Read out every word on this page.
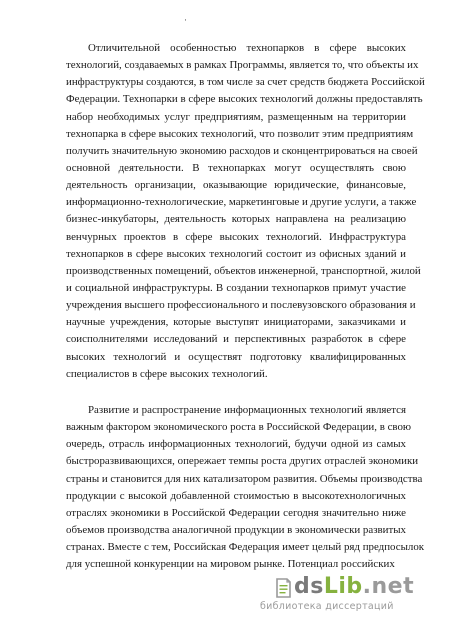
·
Отличительной особенностью технопарков в сфере высоких
технологий, создаваемых в рамках Программы, является то, что объекты их
инфраструктуры создаются, в том числе за счет средств бюджета Российской
Федерации. Технопарки в сфере высоких технологий должны предоставлять
набор необходимых услуг предприятиям, размещенным на территории
технопарка в сфере высоких технологий, что позволит этим предприятиям
получить значительную экономию расходов и сконцентрироваться на своей
основной деятельности. В технопарках могут осуществлять свою
деятельность организации, оказывающие юридические, финансовые,
информационно-технологические, маркетинговые и другие услуги, а также
бизнес-инкубаторы, деятельность которых направлена на реализацию
венчурных проектов в сфере высоких технологий. Инфраструктура
технопарков в сфере высоких технологий состоит из офисных зданий и
производственных помещений, объектов инженерной, транспортной, жилой
и социальной инфраструктуры. В создании технопарков примут участие
учреждения высшего профессионального и послевузовского образования и
научные учреждения, которые выступят инициаторами, заказчиками и
соисполнителями исследований и перспективных разработок в сфере
высоких технологий и осуществят подготовку квалифицированных
специалистов в сфере высоких технологий.
Развитие и распространение информационных технологий является
важным фактором экономического роста в Российской Федерации, в свою
очередь, отрасль информационных технологий, будучи одной из самых
быстроразвивающихся, опережает темпы роста других отраслей экономики
страны и становится для них катализатором развития. Объемы производства
продукции с высокой добавленной стоимостью в высокотехнологичных
отраслях экономики в Российской Федерации сегодня значительно ниже
объемов производства аналогичной продукции в экономически развитых
странах. Вместе с тем, Российская Федерация имеет целый ряд предпосылок
для успешной конкуренции на мировом рынке. Потенциал российских
dsLib.net
библиотека диссертаций
